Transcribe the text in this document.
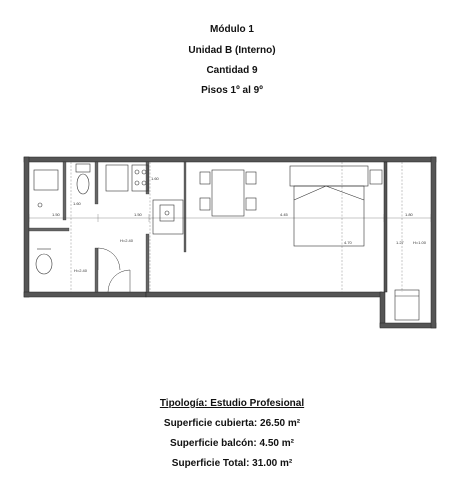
Módulo 1

Unidad B (Interno)

Cantidad 9

Pisos 1º al 9º

1.50	1.50	4.45	1.80
1.60
1.60
4.70	1.27
H=2.40
H=2.40	H=1.00
Tipología: Estudio Profesional
Superficie cubierta: 26.50 m²
Superficie balcón: 4.50 m²
Superficie Total: 31.00 m²
